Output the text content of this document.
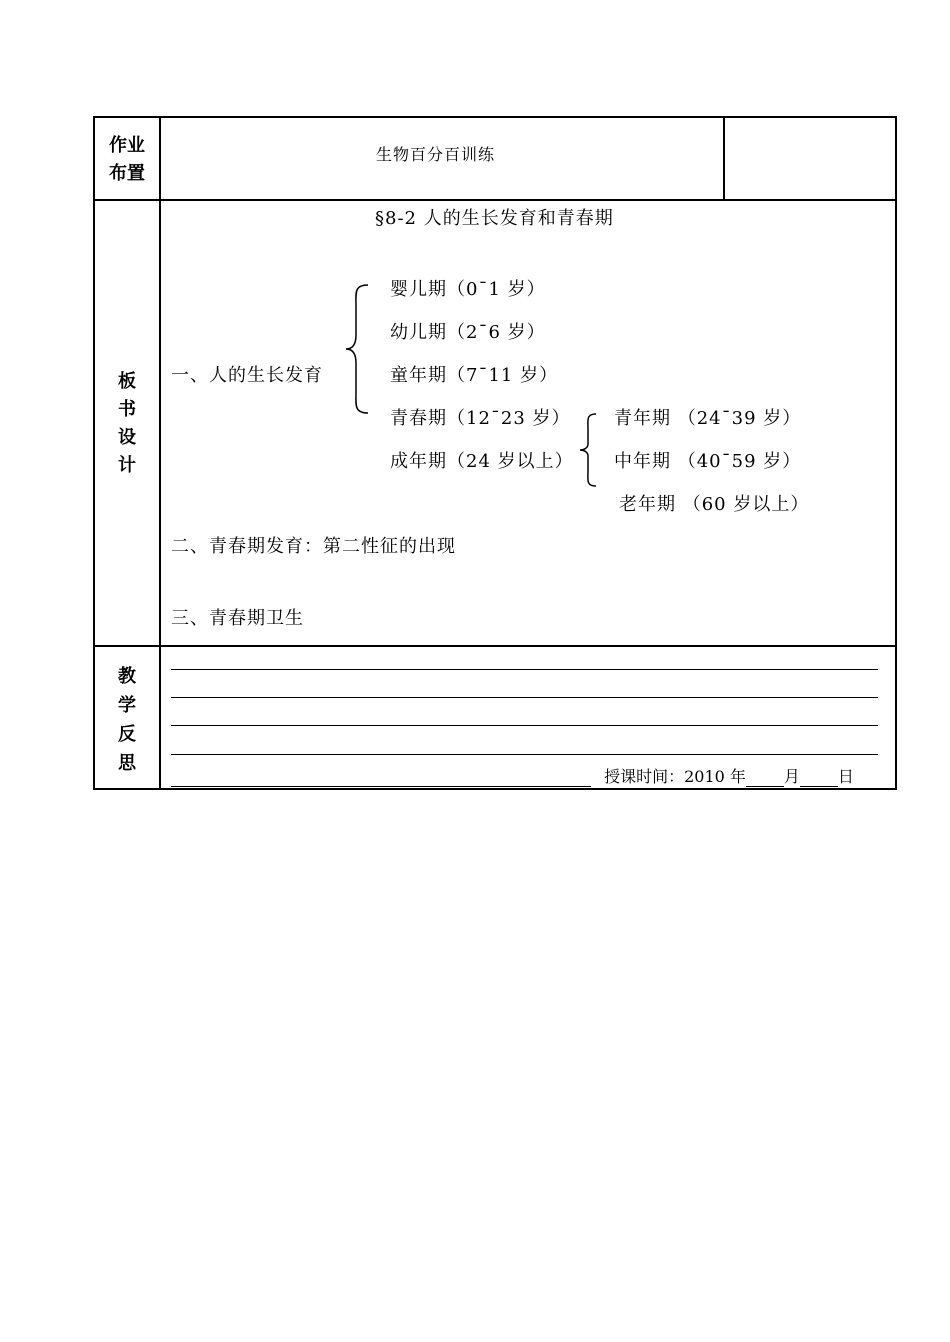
作业
布置
生物百分百训练
板
书
设
计
§8-2 人的生长发育和青春期
一、人的生长发育
婴儿期（0¯1 岁）
幼儿期（2¯6 岁）
童年期（7¯11 岁）
青春期（12¯23 岁）
成年期（24 岁以上）
青年期 （24¯39 岁）
中年期 （40¯59 岁）
老年期 （60 岁以上）
二、青春期发育：第二性征的出现
三、青春期卫生
教
学
反
思
授课时间：2010 年 月 日
